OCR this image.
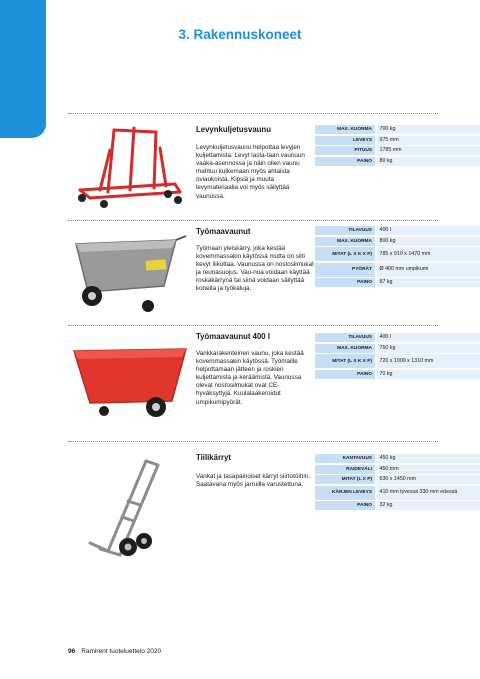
3. Rakennuskoneet
Levynkuljetusvaunu
Levynkuljetusvaunu helpottaa levyjen kuljettamista. Levyt lasta-taan vaunuun vaaka-asennossa ja näin ollen vaunu mahtuu kulkemaan myös ahtaista oviaukoista. Kipsiä ja muuta levymateriaalia voi myös säilyttää vaunussa.
MAX. KUORMA	700 kg
LEVEYS	975 mm
PITUUS	1785 mm
PAINO	80 kg
Työmaavaunut
Työmaan yleiskärry, joka kestää kovemmassakin käytössä mutta on silti kevyt liikuttaa. Vaunussa on nostosilmukat ja reunasuojus. Vau-nua voidaan käyttää roskakärrynä tai siinä voidaan säilyttää koneita ja työkaluja.
TILAVUUS	400 l
MAX. KUORMA	800 kg
MITAT (L X K X P)	785 x 910 x 1470 mm
PYÖRÄT	Ø 400 mm umpikumi
PAINO	87 kg
Työmaavaunut 400 l
Vankkarakenteinen vaunu, joka kestää kovemmassakin käytössä. Työmaille helpottamaan jätteen ja roskien kuljettamista ja keräämistä. Vaunussa olevat nostosilmukat ovat CE-hyväksyttyjä. Kuulalaakeroidut umpikumipyörät.
TILAVUUS	400 l
MAX. KUORMA	750 kg
MITAT (L X K X P)	720 x 1000 x 1310 mm
PAINO	70 kg
Tiilikärryt
Vankat ja tasapainoiset kärryt siirtotöihin. Saatavana myös jarruilla varustettuna.
KANTAVUUS	450 kg
RAIDEVÄLI	450 mm
MITAT (L X P)	630 x 1450 mm
KÄRJEN LEVEYS	410 mm tyvessä 330 mm edessä
PAINO	32 kg
96 Ramirent tuoteluettelo 2020
